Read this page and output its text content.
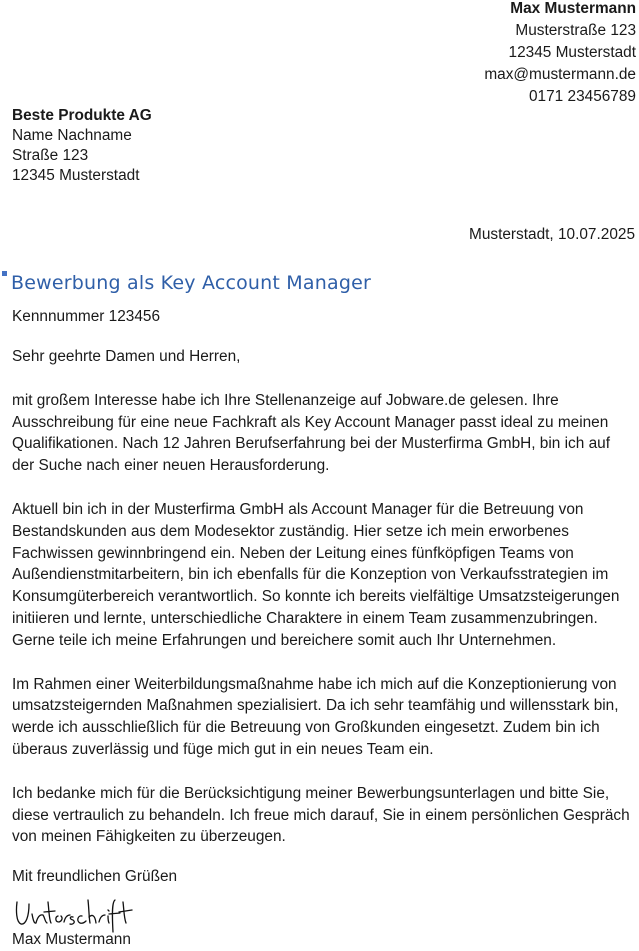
Max Mustermann
Musterstraße 123
12345 Musterstadt
max@mustermann.de
0171 23456789
Beste Produkte AG
Name Nachname
Straße 123
12345 Musterstadt
Musterstadt, 10.07.2025
Bewerbung als Key Account Manager
Kennnummer 123456

Sehr geehrte Damen und Herren,

mit großem Interesse habe ich Ihre Stellenanzeige auf Jobware.de gelesen. Ihre Ausschreibung für eine neue Fachkraft als Key Account Manager passt ideal zu meinen Qualifikationen. Nach 12 Jahren Berufserfahrung bei der Musterfirma GmbH, bin ich auf der Suche nach einer neuen Herausforderung.

Aktuell bin ich in der Musterfirma GmbH als Account Manager für die Betreuung von Bestandskunden aus dem Modesektor zuständig. Hier setze ich mein erworbenes Fachwissen gewinnbringend ein. Neben der Leitung eines fünfköpfigen Teams von Außendienstmitarbeitern, bin ich ebenfalls für die Konzeption von Verkaufsstrategien im Konsumgüterbereich verantwortlich. So konnte ich bereits vielfältige Umsatzsteigerungen initiieren und lernte, unterschiedliche Charaktere in einem Team zusammenzubringen. Gerne teile ich meine Erfahrungen und bereichere somit auch Ihr Unternehmen.

Im Rahmen einer Weiterbildungsmaßnahme habe ich mich auf die Konzeptionierung von umsatzsteigernden Maßnahmen spezialisiert. Da ich sehr teamfähig und willensstark bin, werde ich ausschließlich für die Betreuung von Großkunden eingesetzt. Zudem bin ich überaus zuverlässig und füge mich gut in ein neues Team ein.

Ich bedanke mich für die Berücksichtigung meiner Bewerbungsunterlagen und bitte Sie, diese vertraulich zu behandeln. Ich freue mich darauf, Sie in einem persönlichen Gespräch von meinen Fähigkeiten zu überzeugen.

Mit freundlichen Grüßen
Max Mustermann
